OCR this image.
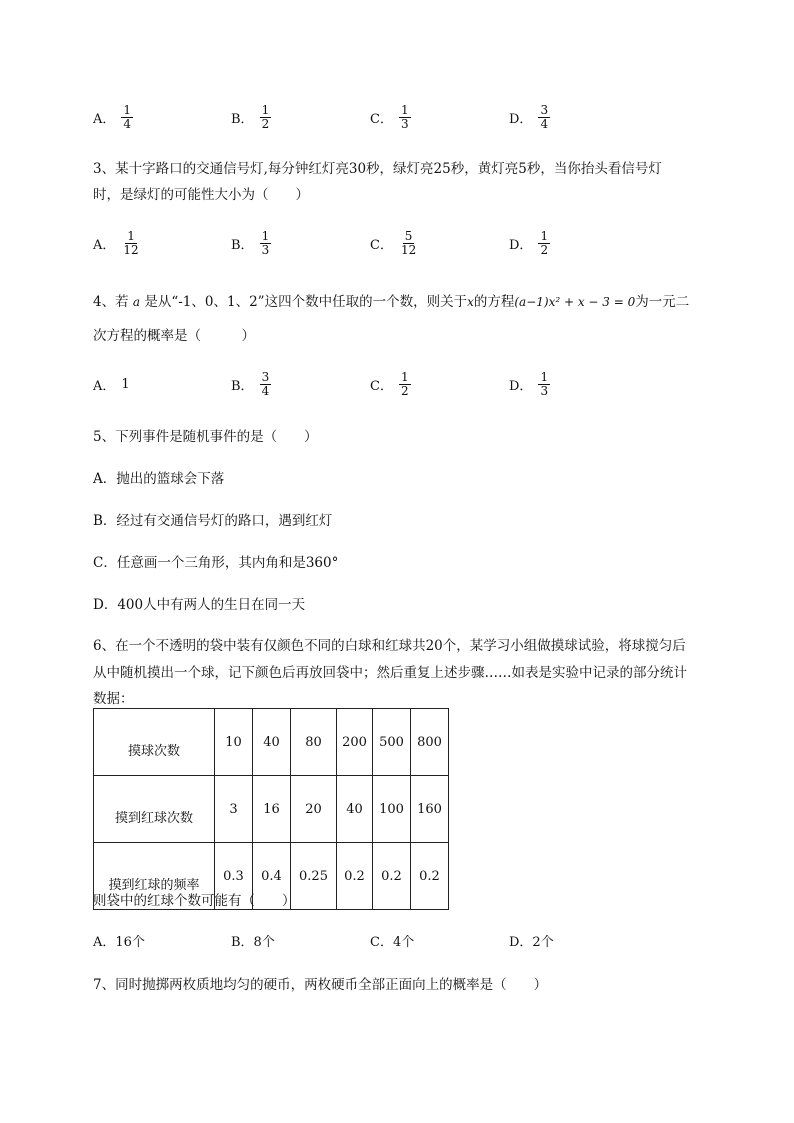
A． $\frac{1}{4}$	B． $\frac{1}{2}$	C． $\frac{1}{3}$	D． $\frac{3}{4}$
3、某十字路口的交通信号灯,每分钟红灯亮30秒，绿灯亮25秒，黄灯亮5秒，当你抬头看信号灯
时，是绿灯的可能性大小为（　　）
A． $\frac{1}{12}$	B． $\frac{1}{3}$	C． $\frac{5}{12}$	D． $\frac{1}{2}$
4、若 a 是从“-1、0、1、2”这四个数中任取的一个数，则关于x的方程(a−1)x² + x − 3 = 0为一元二
次方程的概率是（　　　）
A． 1	B． $\frac{3}{4}$	C． $\frac{1}{2}$	D． $\frac{1}{3}$
5、下列事件是随机事件的是（　　）
A．抛出的篮球会下落
B．经过有交通信号灯的路口，遇到红灯
C．任意画一个三角形，其内角和是360°
D．400人中有两人的生日在同一天
6、在一个不透明的袋中装有仅颜色不同的白球和红球共20个，某学习小组做摸球试验，将球搅匀后
从中随机摸出一个球，记下颜色后再放回袋中；然后重复上述步骤……如表是实验中记录的部分统计
数据：
摸球次数	10	40	80	200	500	800
摸到红球次数	3	16	20	40	100	160
摸到红球的频率	0.3	0.4	0.25	0.2	0.2	0.2
则袋中的红球个数可能有（　　）
A．16个	B．8个	C．4个	D．2个
7、同时抛掷两枚质地均匀的硬币，两枚硬币全部正面向上的概率是（　　）
